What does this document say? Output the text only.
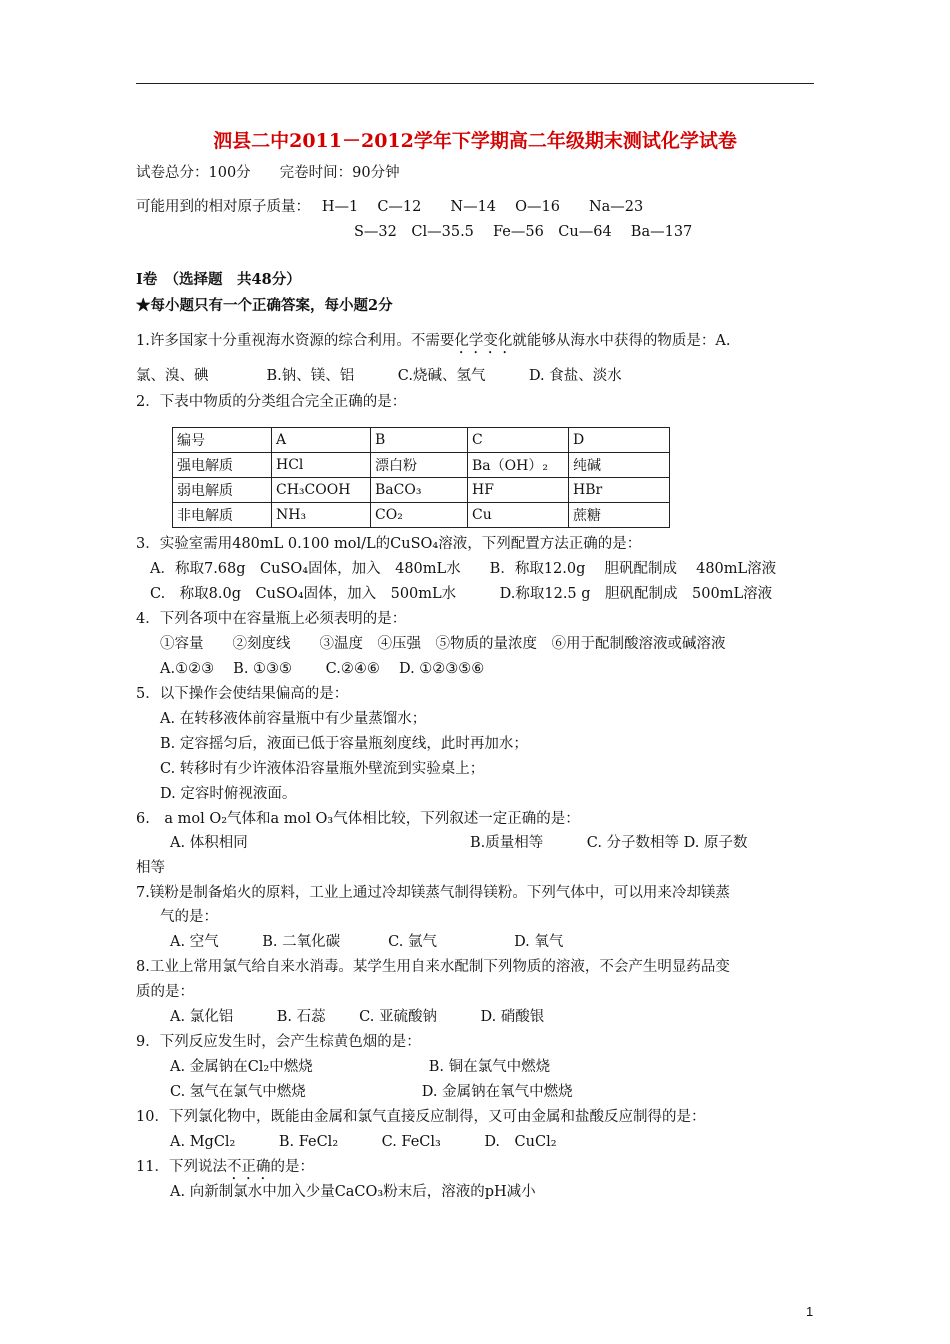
泗县二中2011－2012学年下学期高二年级期末测试化学试卷
试卷总分：100分　　完卷时间：90分钟
可能用到的相对原子质量：　 H—1　 C—12　　N—14　 O—16　　Na—23
S—32　Cl—35.5　 Fe—56　Cu—64　 Ba—137
Ⅰ卷　（选择题　共48分）
★每小题只有一个正确答案，每小题2分
1.许多国家十分重视海水资源的综合利用。不需要化学变化就能够从海水中获得的物质是：A.
氯、溴、碘　　　　B.钠、镁、铝　　　C.烧碱、氢气　　　D. 食盐、淡水
2．下表中物质的分类组合完全正确的是：
编号	A	B	C	D
强电解质	HCl	漂白粉	Ba（OH）₂	纯碱
弱电解质	CH₃COOH	BaCO₃	HF	HBr
非电解质	NH₃	CO₂	Cu	蔗糖
3．实验室需用480mL 0.100 mol/L的CuSO₄溶液，下列配置方法正确的是：
A．称取7.68g　CuSO₄固体，加入　480mL水　　B．称取12.0g　 胆矾配制成　 480mL溶液
C.　称取8.0g　CuSO₄固体，加入　500mL水　　　D.称取12.5 g　胆矾配制成　500mL溶液
4．下列各项中在容量瓶上必须表明的是：
①容量　　②刻度线　　③温度　④压强　⑤物质的量浓度　⑥用于配制酸溶液或碱溶液
A.①②③　 B. ①③⑤　　 C.②④⑥　 D. ①②③⑤⑥
5．以下操作会使结果偏高的是：
A. 在转移液体前容量瓶中有少量蒸馏水；
B. 定容摇匀后，液面已低于容量瓶刻度线，此时再加水；
C. 转移时有少许液体沿容量瓶外壁流到实验桌上；
D. 定容时俯视液面。
6.　a mol O₂气体和a mol O₃气体相比较，下列叙述一定正确的是：
A. 体积相同	B.质量相等　　　C. 分子数相等 D. 原子数
相等
7.镁粉是制备焰火的原料，工业上通过冷却镁蒸气制得镁粉。下列气体中，可以用来冷却镁蒸
气的是：
A. 空气　　　B. 二氧化碳　　　 C. 氩气　　　　　 D. 氧气
8.工业上常用氯气给自来水消毒。某学生用自来水配制下列物质的溶液，不会产生明显药品变
质的是：
A. 氯化铝　　　B. 石蕊　　 C. 亚硫酸钠　　　D. 硝酸银
9．下列反应发生时，会产生棕黄色烟的是：
A. 金属钠在Cl₂中燃烧　　　　　　　　B. 铜在氯气中燃烧
C. 氢气在氯气中燃烧　　　　　　　　D. 金属钠在氧气中燃烧
10．下列氯化物中，既能由金属和氯气直接反应制得，又可由金属和盐酸反应制得的是：
A. MgCl₂　　　B. FeCl₂　　　C. FeCl₃　　　D.　CuCl₂
11．下列说法不正确的是：
A. 向新制氯水中加入少量CaCO₃粉末后，溶液的pH减小
1
